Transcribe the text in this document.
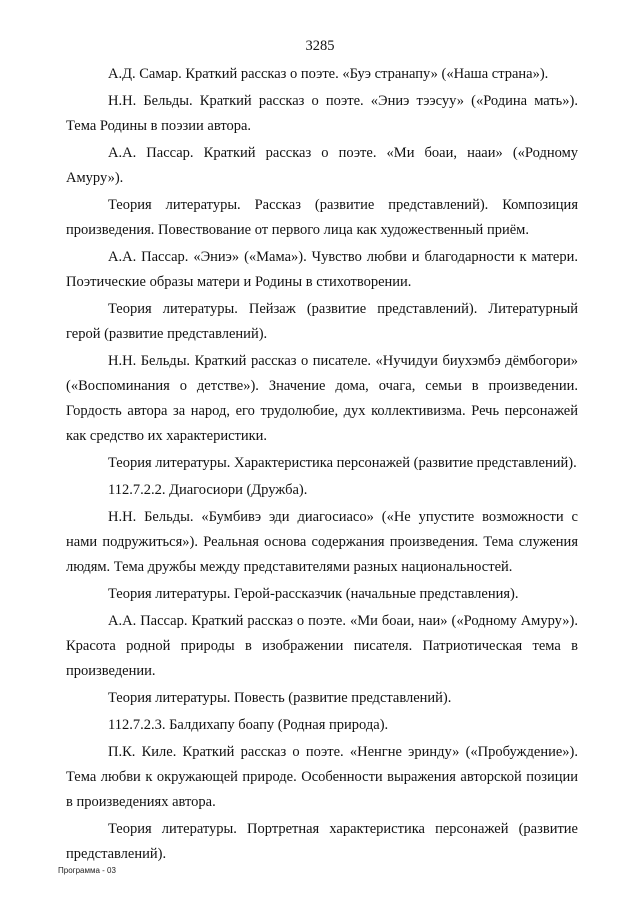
3285

А.Д. Самар. Краткий рассказ о поэте. «Буэ странапу» («Наша страна»).

Н.Н. Бельды. Краткий рассказ о поэте. «Эниэ тээсуу» («Родина мать»). Тема Родины в поэзии автора.

А.А. Пассар. Краткий рассказ о поэте. «Ми боаи, нааи» («Родному Амуру»).

Теория литературы. Рассказ (развитие представлений). Композиция произведения. Повествование от первого лица как художественный приём.

А.А. Пассар. «Эниэ» («Мама»). Чувство любви и благодарности к матери. Поэтические образы матери и Родины в стихотворении.

Теория литературы. Пейзаж (развитие представлений). Литературный герой (развитие представлений).

Н.Н. Бельды. Краткий рассказ о писателе. «Нучидуи биухэмбэ дёмбогори» («Воспоминания о детстве»). Значение дома, очага, семьи в произведении. Гордость автора за народ, его трудолюбие, дух коллективизма. Речь персонажей как средство их характеристики.

Теория литературы. Характеристика персонажей (развитие представлений).

112.7.2.2. Диагосиори (Дружба).

Н.Н. Бельды. «Бумбивэ эди диагосиасо» («Не упустите возможности с нами подружиться»). Реальная основа содержания произведения. Тема служения людям. Тема дружбы между представителями разных национальностей.

Теория литературы. Герой-рассказчик (начальные представления).

А.А. Пассар. Краткий рассказ о поэте. «Ми боаи, наи» («Родному Амуру»). Красота родной природы в изображении писателя. Патриотическая тема в произведении.

Теория литературы. Повесть (развитие представлений).

112.7.2.3. Балдихапу боапу (Родная природа).

П.К. Киле. Краткий рассказ о поэте. «Ненгне эринду» («Пробуждение»). Тема любви к окружающей природе. Особенности выражения авторской позиции в произведениях автора.

Теория литературы. Портретная характеристика персонажей (развитие представлений).

Программа - 03
